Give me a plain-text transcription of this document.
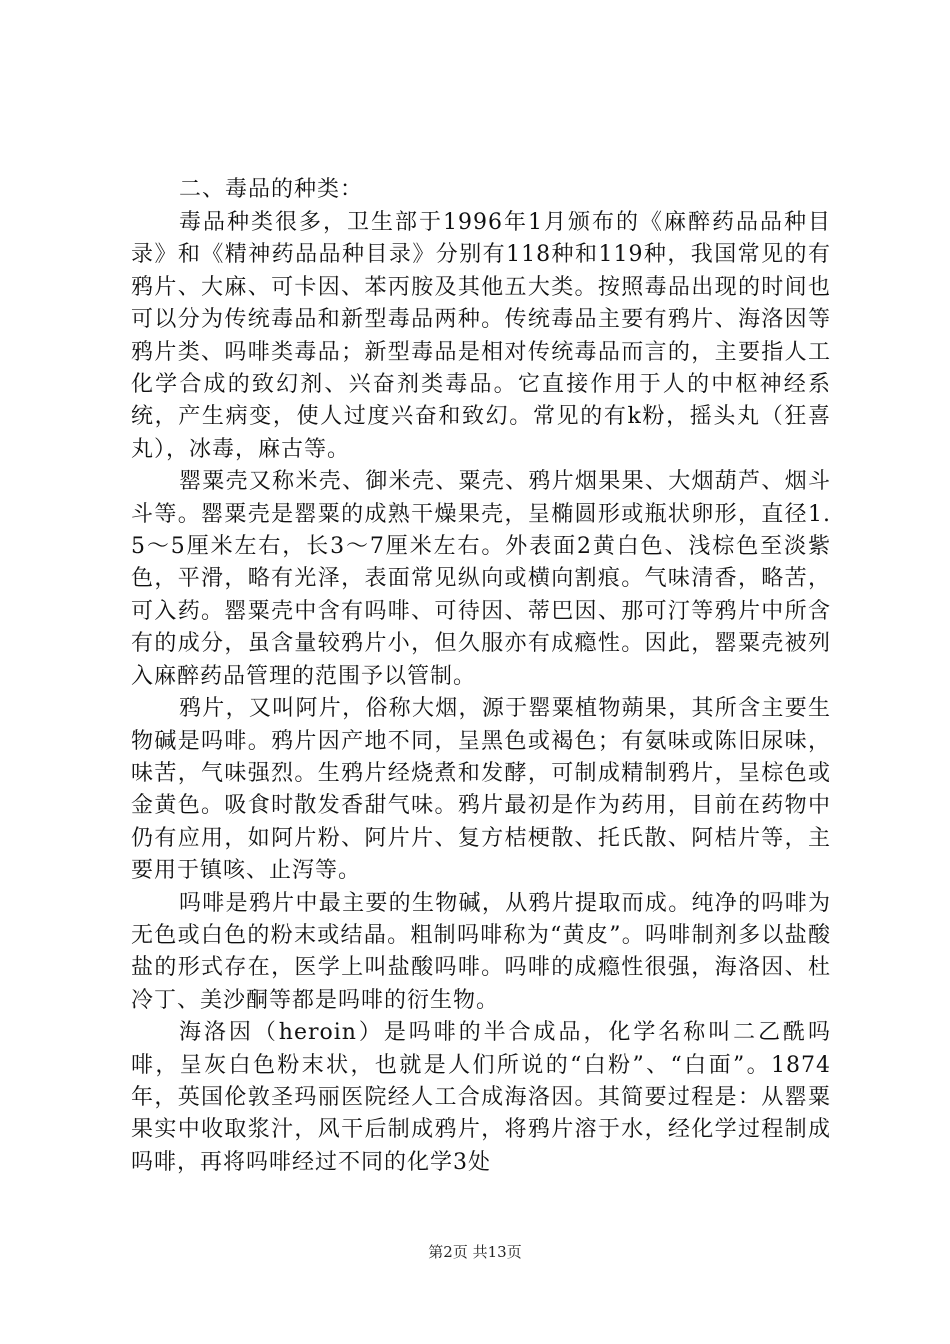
二、毒品的种类：

毒品种类很多，卫生部于1996年1月颁布的《麻醉药品品种目录》和《精神药品品种目录》分别有118种和119种，我国常见的有鸦片、大麻、可卡因、苯丙胺及其他五大类。按照毒品出现的时间也可以分为传统毒品和新型毒品两种。传统毒品主要有鸦片、海洛因等鸦片类、吗啡类毒品；新型毒品是相对传统毒品而言的，主要指人工化学合成的致幻剂、兴奋剂类毒品。它直接作用于人的中枢神经系统，产生病变，使人过度兴奋和致幻。常见的有k粉，摇头丸（狂喜丸），冰毒，麻古等。

罂粟壳又称米壳、御米壳、粟壳、鸦片烟果果、大烟葫芦、烟斗斗等。罂粟壳是罂粟的成熟干燥果壳，呈椭圆形或瓶状卵形，直径1.5～5厘米左右，长3～7厘米左右。外表面2黄白色、浅棕色至淡紫色，平滑，略有光泽，表面常见纵向或横向割痕。气味清香，略苦，可入药。罂粟壳中含有吗啡、可待因、蒂巴因、那可汀等鸦片中所含有的成分，虽含量较鸦片小，但久服亦有成瘾性。因此，罂粟壳被列入麻醉药品管理的范围予以管制。

鸦片，又叫阿片，俗称大烟，源于罂粟植物蒴果，其所含主要生物碱是吗啡。鸦片因产地不同，呈黑色或褐色；有氨味或陈旧尿味，味苦，气味强烈。生鸦片经烧煮和发酵，可制成精制鸦片，呈棕色或金黄色。吸食时散发香甜气味。鸦片最初是作为药用，目前在药物中仍有应用，如阿片粉、阿片片、复方桔梗散、托氏散、阿桔片等，主要用于镇咳、止泻等。

吗啡是鸦片中最主要的生物碱，从鸦片提取而成。纯净的吗啡为无色或白色的粉末或结晶。粗制吗啡称为“黄皮”。吗啡制剂多以盐酸盐的形式存在，医学上叫盐酸吗啡。吗啡的成瘾性很强，海洛因、杜冷丁、美沙酮等都是吗啡的衍生物。

海洛因（heroin）是吗啡的半合成品，化学名称叫二乙酰吗啡，呈灰白色粉末状，也就是人们所说的“白粉”、“白面”。1874年，英国伦敦圣玛丽医院经人工合成海洛因。其简要过程是：从罂粟果实中收取浆汁，风干后制成鸦片，将鸦片溶于水，经化学过程制成吗啡，再将吗啡经过不同的化学3处

第2页 共13页
